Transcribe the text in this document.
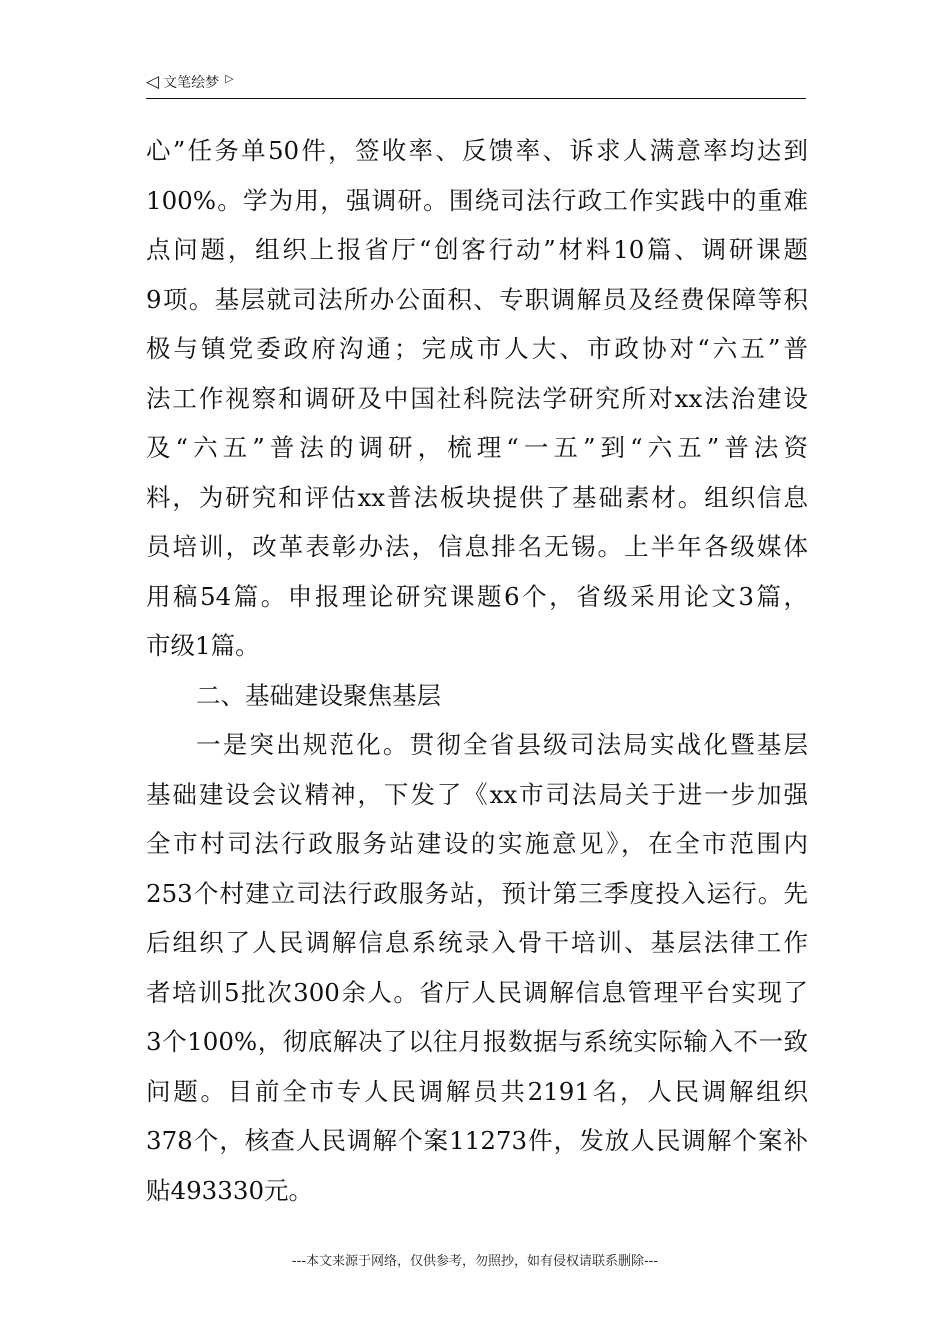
◁ 文笔绘梦 ▷
心”任务单50件，签收率、反馈率、诉求人满意率均达到
100%。学为用，强调研。围绕司法行政工作实践中的重难
点问题，组织上报省厅“创客行动”材料10篇、调研课题
9项。基层就司法所办公面积、专职调解员及经费保障等积
极与镇党委政府沟通；完成市人大、市政协对“六五”普
法工作视察和调研及中国社科院法学研究所对xx法治建设
及“六五”普法的调研，梳理“一五”到“六五”普法资
料，为研究和评估xx普法板块提供了基础素材。组织信息
员培训，改革表彰办法，信息排名无锡。上半年各级媒体
用稿54篇。申报理论研究课题6个，省级采用论文3篇，
市级1篇。
二、基础建设聚焦基层
一是突出规范化。贯彻全省县级司法局实战化暨基层
基础建设会议精神，下发了《xx市司法局关于进一步加强
全市村司法行政服务站建设的实施意见》，在全市范围内
253个村建立司法行政服务站，预计第三季度投入运行。先
后组织了人民调解信息系统录入骨干培训、基层法律工作
者培训5批次300余人。省厅人民调解信息管理平台实现了
3个100%，彻底解决了以往月报数据与系统实际输入不一致
问题。目前全市专人民调解员共2191名，人民调解组织
378个，核查人民调解个案11273件，发放人民调解个案补
贴493330元。
---本文来源于网络，仅供参考，勿照抄，如有侵权请联系删除---
